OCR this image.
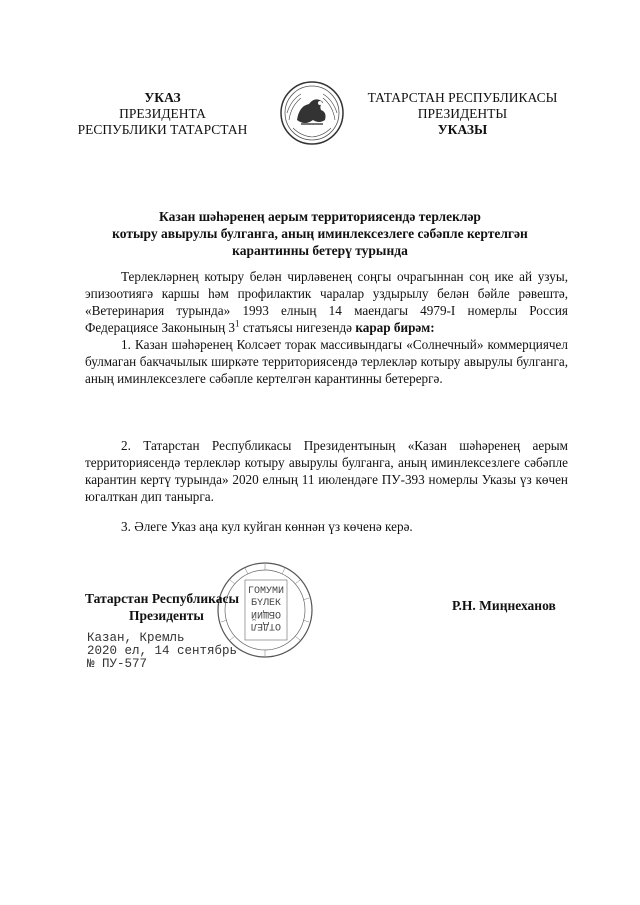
УКАЗ
ПРЕЗИДЕНТА
РЕСПУБЛИКИ ТАТАРСТАН
ТАТАРСТАН РЕСПУБЛИКАСЫ
ПРЕЗИДЕНТЫ
УКАЗЫ
Казан шәһәренең аерым территориясендә терлекләр
котыру авырулы булганга, аның иминлексезлеге сәбәпле кертелгән
карантинны бетерү турында
Терлекләрнең котыру белән чирләвенең соңгы очрагыннан соң ике ай узуы, эпизоотиягә каршы һәм профилактик чаралар уздырылу белән бәйле рәвештә, «Ветеринария турында» 1993 елның 14 маендагы 4979-I номерлы Россия Федерациясе Законының $3^1$ статьясы нигезендә карар бирәм:
1. Казан шәһәренең Колсәет торак массивындагы «Солнечный» коммерциячел булмаган бакчачылык ширкәте территориясендә терлекләр котыру авырулы булганга, аның иминлексезлеге сәбәпле кертелгән карантинны бетерергә.
2. Татарстан Республикасы Президентының «Казан шәһәренең аерым территориясендә терлекләр котыру авырулы булганга, аның иминлексезлеге сәбәпле карантин кертү турында» 2020 елның 11 июлендәге ПУ-393 номерлы Указы үз көчен югалткан дип танырга.
3. Әлеге Указ аңа кул куйган көннән үз көченә керә.
ГОМУМИ
БҮЛЕК
ОБЩИЙ
ОТДЕЛ
Татарстан Республикасы
Президенты
Р.Н. Миңнеханов
Казан, Кремль
2020 ел, 14 сентябрь
№ ПУ-577
